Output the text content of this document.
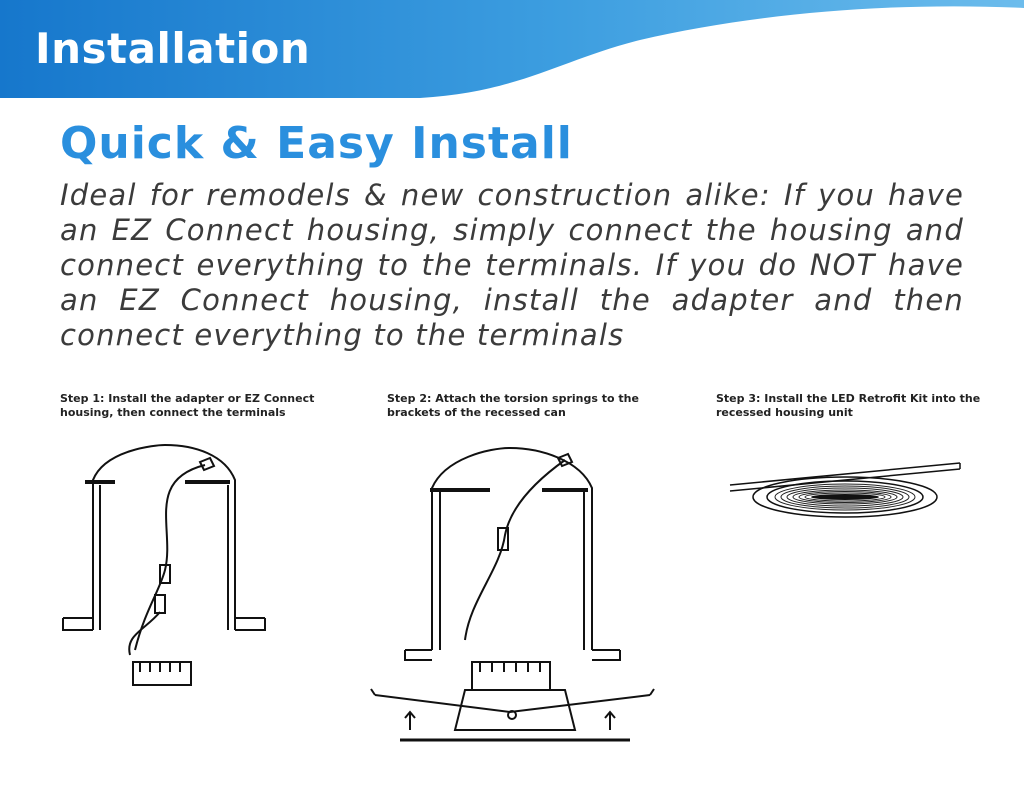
Installation
Quick & Easy Install

Ideal for remodels & new construction alike: If you have an EZ Connect housing, simply connect the housing and connect everything to the terminals. If you do NOT have an EZ Connect housing, install the adapter and then connect everything to the terminals

Step 1: Install the adapter or EZ Connect housing, then connect the terminals

Step 2: Attach the torsion springs to the brackets of the recessed can

Step 3: Install the LED Retrofit Kit into the recessed housing unit
